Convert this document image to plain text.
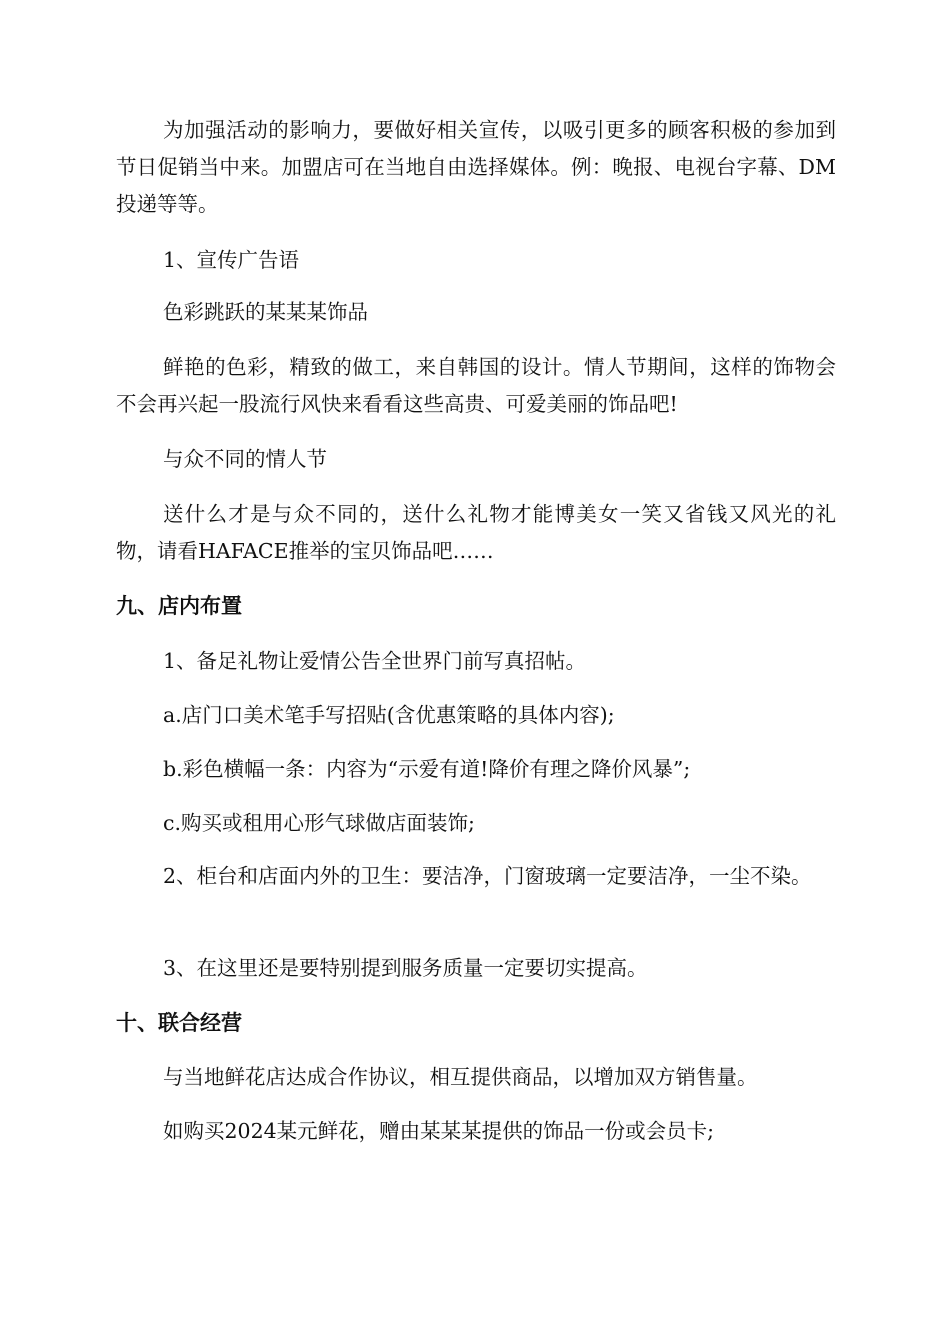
为加强活动的影响力，要做好相关宣传，以吸引更多的顾客积极的参加到节日促销当中来。加盟店可在当地自由选择媒体。例：晚报、电视台字幕、DM投递等等。
1、宣传广告语
色彩跳跃的某某某饰品
鲜艳的色彩，精致的做工，来自韩国的设计。情人节期间，这样的饰物会不会再兴起一股流行风快来看看这些高贵、可爱美丽的饰品吧!
与众不同的情人节
送什么才是与众不同的，送什么礼物才能博美女一笑又省钱又风光的礼物，请看HAFACE推举的宝贝饰品吧……
九、店内布置
1、备足礼物让爱情公告全世界门前写真招帖。
a.店门口美术笔手写招贴(含优惠策略的具体内容);
b.彩色横幅一条：内容为“示爱有道!降价有理之降价风暴”;
c.购买或租用心形气球做店面装饰;
2、柜台和店面内外的卫生：要洁净，门窗玻璃一定要洁净，一尘不染。
3、在这里还是要特别提到服务质量一定要切实提高。
十、联合经营
与当地鲜花店达成合作协议，相互提供商品，以增加双方销售量。
如购买2024某元鲜花，赠由某某某提供的饰品一份或会员卡;
